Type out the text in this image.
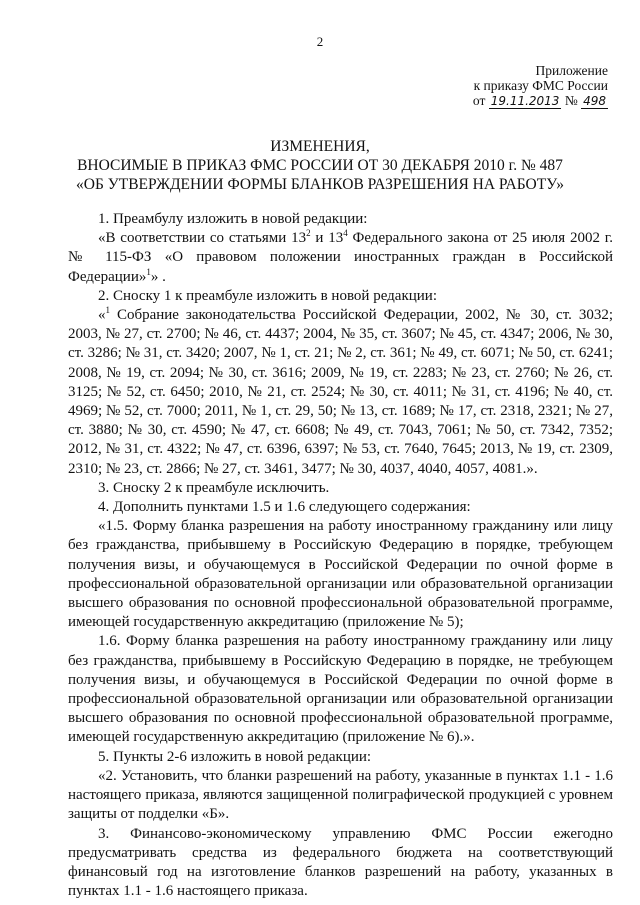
2
Приложение
к приказу ФМС России
от 19.11.2013 № 498
ИЗМЕНЕНИЯ,
ВНОСИМЫЕ В ПРИКАЗ ФМС РОССИИ ОТ 30 ДЕКАБРЯ 2010 г. № 487
«ОБ УТВЕРЖДЕНИИ ФОРМЫ БЛАНКОВ РАЗРЕШЕНИЯ НА РАБОТУ»

1. Преамбулу изложить в новой редакции:

«В соответствии со статьями $13^2$ и $13^4$ Федерального закона от 25 июля 2002 г. № 115-ФЗ «О правовом положении иностранных граждан в Российской Федерации»$^1$» .

2. Сноску 1 к преамбуле изложить в новой редакции:

«$^1$ Собрание законодательства Российской Федерации, 2002, № 30, ст. 3032; 2003, № 27, ст. 2700; № 46, ст. 4437; 2004, № 35, ст. 3607; № 45, ст. 4347; 2006, № 30, ст. 3286; № 31, ст. 3420; 2007, № 1, ст. 21; № 2, ст. 361; № 49, ст. 6071; № 50, ст. 6241; 2008, № 19, ст. 2094; № 30, ст. 3616; 2009, № 19, ст. 2283; № 23, ст. 2760; № 26, ст. 3125; № 52, ст. 6450; 2010, № 21, ст. 2524; № 30, ст. 4011; № 31, ст. 4196; № 40, ст. 4969; № 52, ст. 7000; 2011, № 1, ст. 29, 50; № 13, ст. 1689; № 17, ст. 2318, 2321; № 27, ст. 3880; № 30, ст. 4590; № 47, ст. 6608; № 49, ст. 7043, 7061; № 50, ст. 7342, 7352; 2012, № 31, ст. 4322; № 47, ст. 6396, 6397; № 53, ст. 7640, 7645; 2013, № 19, ст. 2309, 2310; № 23, ст. 2866; № 27, ст. 3461, 3477; № 30, 4037, 4040, 4057, 4081.».

3. Сноску 2 к преамбуле исключить.

4. Дополнить пунктами 1.5 и 1.6 следующего содержания:

«1.5. Форму бланка разрешения на работу иностранному гражданину или лицу без гражданства, прибывшему в Российскую Федерацию в порядке, требующем получения визы, и обучающемуся в Российской Федерации по очной форме в профессиональной образовательной организации или образовательной организации высшего образования по основной профессиональной образовательной программе, имеющей государственную аккредитацию (приложение № 5);

1.6. Форму бланка разрешения на работу иностранному гражданину или лицу без гражданства, прибывшему в Российскую Федерацию в порядке, не требующем получения визы, и обучающемуся в Российской Федерации по очной форме в профессиональной образовательной организации или образовательной организации высшего образования по основной профессиональной образовательной программе, имеющей государственную аккредитацию (приложение № 6).».

5. Пункты 2-6 изложить в новой редакции:

«2. Установить, что бланки разрешений на работу, указанные в пунктах 1.1 - 1.6 настоящего приказа, являются защищенной полиграфической продукцией с уровнем защиты от подделки «Б».

3. Финансово-экономическому управлению ФМС России ежегодно предусматривать средства из федерального бюджета на соответствующий финансовый год на изготовление бланков разрешений на работу, указанных в пунктах 1.1 - 1.6 настоящего приказа.
